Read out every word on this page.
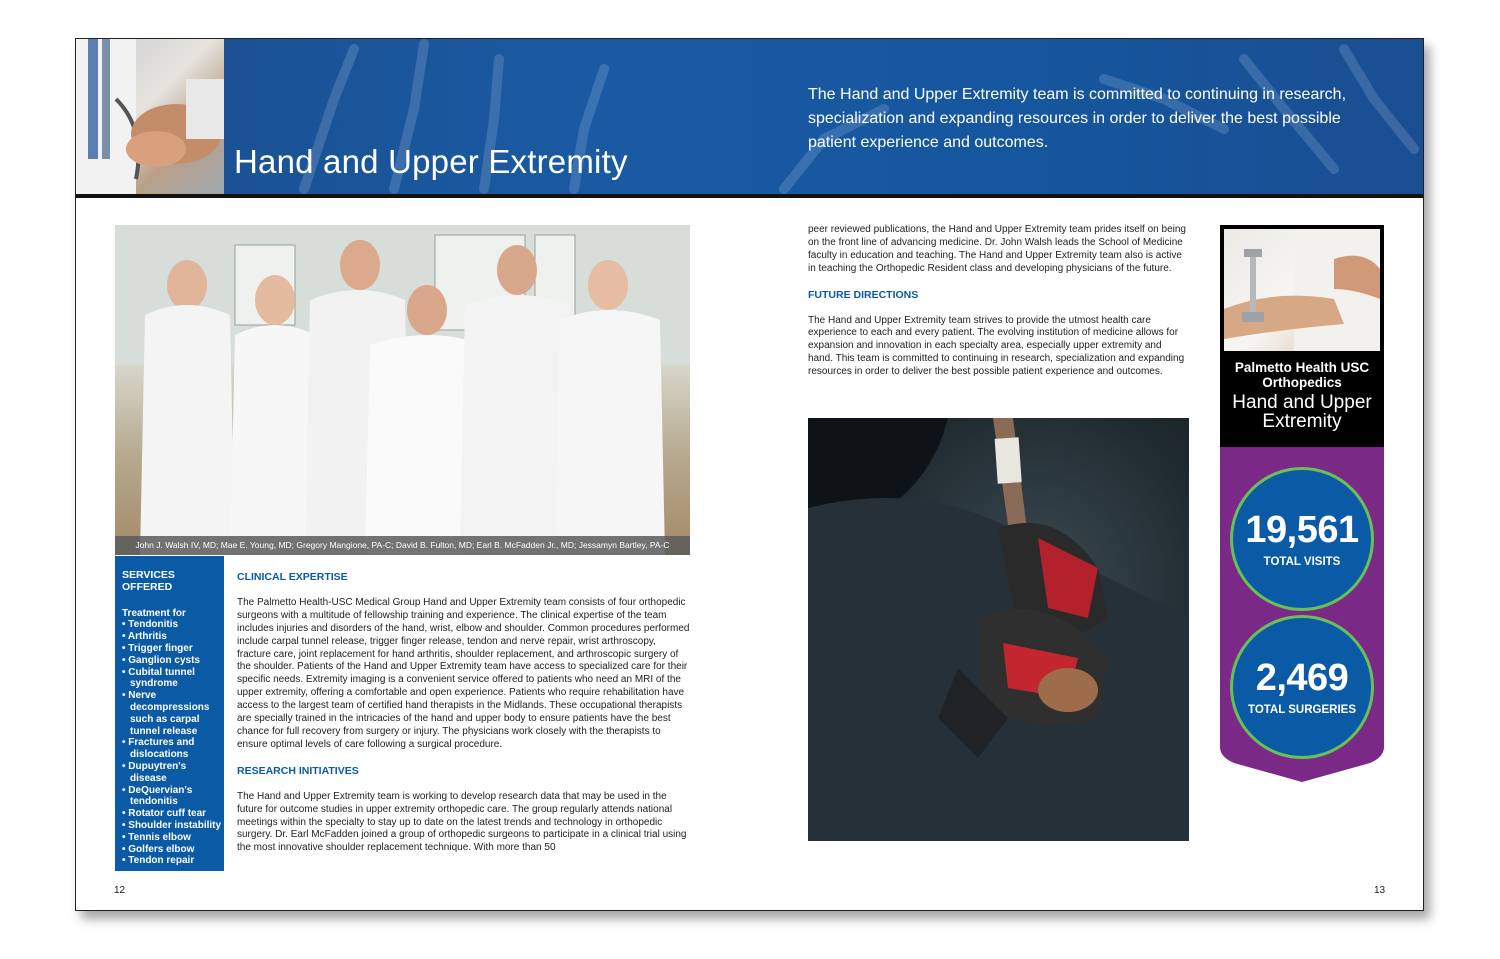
Hand and Upper Extremity
The Hand and Upper Extremity team is committed to continuing in research, specialization and expanding resources in order to deliver the best possible patient experience and outcomes.
John J. Walsh IV, MD; Mae E. Young, MD; Gregory Mangione, PA-C; David B. Fulton, MD; Earl B. McFadden Jr., MD; Jessamyn Bartley, PA-C
SERVICES OFFERED
Treatment for
• Tendonitis
• Arthritis
• Trigger finger
• Ganglion cysts
• Cubital tunnel syndrome
• Nerve decompressions such as carpal tunnel release
• Fractures and dislocations
• Dupuytren's disease
• DeQuervian's tendonitis
• Rotator cuff tear
• Shoulder instability
• Tennis elbow
• Golfers elbow
• Tendon repair
CLINICAL EXPERTISE

The Palmetto Health-USC Medical Group Hand and Upper Extremity team consists of four orthopedic surgeons with a multitude of fellowship training and experience. The clinical expertise of the team includes injuries and disorders of the hand, wrist, elbow and shoulder. Common procedures performed include carpal tunnel release, trigger finger release, tendon and nerve repair, wrist arthroscopy, fracture care, joint replacement for hand arthritis, shoulder replacement, and arthroscopic surgery of the shoulder. Patients of the Hand and Upper Extremity team have access to specialized care for their specific needs. Extremity imaging is a convenient service offered to patients who need an MRI of the upper extremity, offering a comfortable and open experience. Patients who require rehabilitation have access to the largest team of certified hand therapists in the Midlands. These occupational therapists are specially trained in the intricacies of the hand and upper body to ensure patients have the best chance for full recovery from surgery or injury. The physicians work closely with the therapists to ensure optimal levels of care following a surgical procedure.

RESEARCH INITIATIVES

The Hand and Upper Extremity team is working to develop research data that may be used in the future for outcome studies in upper extremity orthopedic care. The group regularly attends national meetings within the specialty to stay up to date on the latest trends and technology in orthopedic surgery. Dr. Earl McFadden joined a group of orthopedic surgeons to participate in a clinical trial using the most innovative shoulder replacement technique. With more than 50

peer reviewed publications, the Hand and Upper Extremity team prides itself on being on the front line of advancing medicine. Dr. John Walsh leads the School of Medicine faculty in education and teaching. The Hand and Upper Extremity team also is active in teaching the Orthopedic Resident class and developing physicians of the future.

FUTURE DIRECTIONS

The Hand and Upper Extremity team strives to provide the utmost health care experience to each and every patient. The evolving institution of medicine allows for expansion and innovation in each specialty area, especially upper extremity and hand. This team is committed to continuing in research, specialization and expanding resources in order to deliver the best possible patient experience and outcomes.	Palmetto Health USC Orthopedics
Hand and Upper Extremity
19,561
TOTAL VISITS
2,469
TOTAL SURGERIES
12	13
